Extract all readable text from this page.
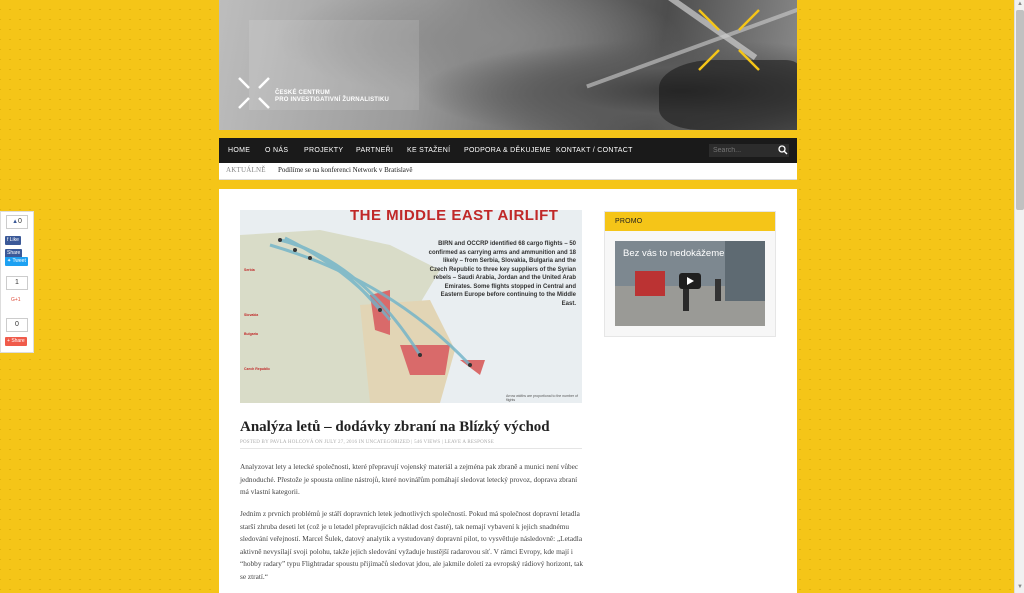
ČESKÉ CENTRUM
PRO INVESTIGATIVNÍ ŽURNALISTIKU
HOME O NÁS PROJEKTY PARTNEŘI KE STAŽENÍ PODPORA & DĚKUJEME KONTAKT / CONTACT
Search...
AKTUÁLNĚ Podílíme se na konferenci Network v Bratislavě
THE MIDDLE EAST AIRLIFT
BIRN and OCCRP identified 68 cargo flights – 50 confirmed as carrying arms and ammunition and 18 likely – from Serbia, Slovakia, Bulgaria and the Czech Republic to three key suppliers of the Syrian rebels – Saudi Arabia, Jordan and the United Arab Emirates. Some flights stopped in Central and Eastern Europe before continuing to the Middle East.
Serbia
Slovakia
Bulgaria
Czech Republic
Arrow widths are proportional to the number of flights
Analýza letů – dodávky zbraní na Blízký východ
POSTED BY PAVLA HOLCOVÁ ON JULY 27, 2016 IN UNCATEGORIZED | 546 VIEWS | LEAVE A RESPONSE

Analyzovat lety a letecké společnosti, které přepravují vojenský materiál a zejména pak zbraně a munici není vůbec jednoduché. Přestože je spousta online nástrojů, které novinářům pomáhají sledovat letecký provoz, doprava zbraní má vlastní kategorii.

Jedním z prvních problémů je stáří dopravních letek jednotlivých společností. Pokud má společnost dopravní letadla starší zhruba deseti let (což je u letadel přepravujících náklad dost časté), tak nemají vybavení k jejich snadnému sledování veřejností. Marcel Šulek, datový analytik a vystudovaný dopravní pilot, to vysvětluje následovně: „Letadla aktivně nevysílají svoji polohu, takže jejich sledování vyžaduje hustější radarovou síť. V rámci Evropy, kde mají i “hobby radary” typu Flightradar spoustu přijímačů sledovat jdou, ale jakmile doletí za evropský rádiový horizont, tak se ztratí.“

PROMO
Bez vás to nedokážeme
▲0
f Like
Share
✦ Tweet
1
G+1
0
+ Share
▲
▼
